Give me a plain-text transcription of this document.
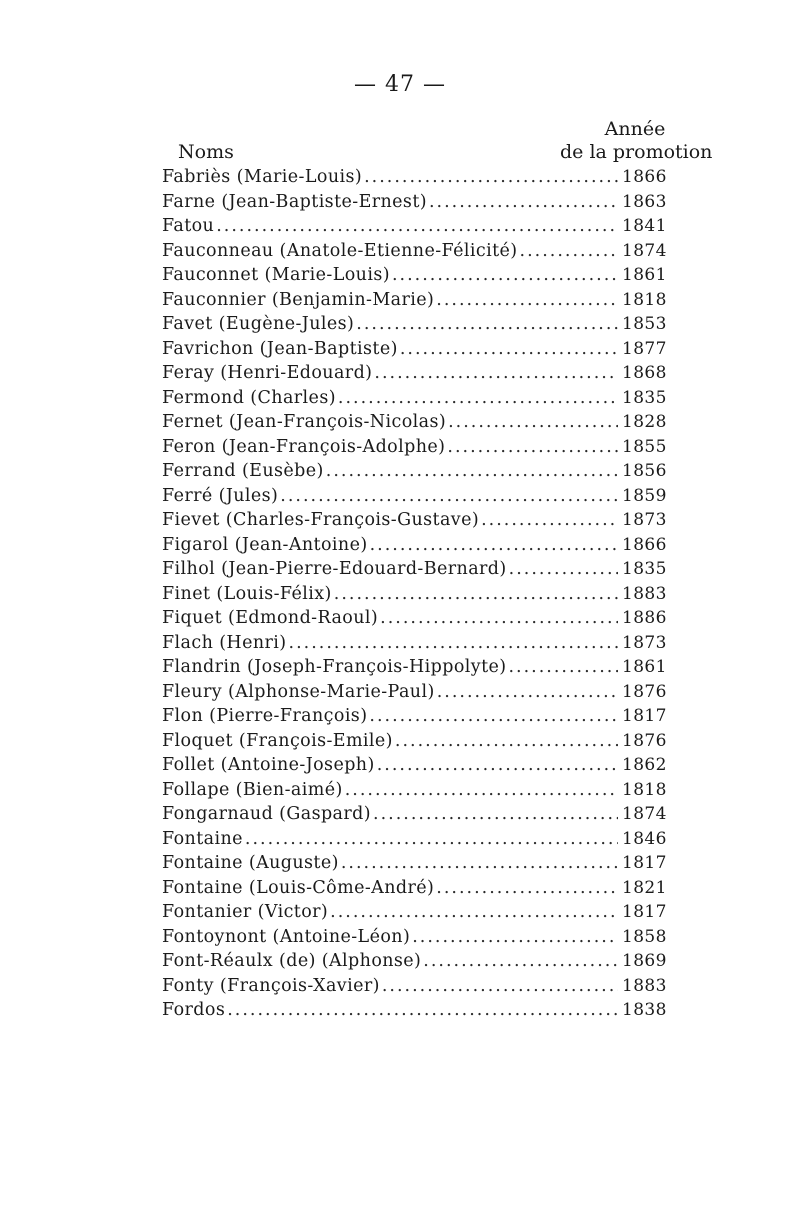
— 47 —
Année
Noms	de la promotion
Fabriès (Marie-Louis) .....	1866
Farne (Jean-Baptiste-Ernest) .....	1863
Fatou .....	1841
Fauconneau (Anatole-Etienne-Félicité) .....	1874
Fauconnet (Marie-Louis) .....	1861
Fauconnier (Benjamin-Marie) .....	1818
Favet (Eugène-Jules) .....	1853
Favrichon (Jean-Baptiste) .....	1877
Feray (Henri-Edouard) .....	1868
Fermond (Charles) .....	1835
Fernet (Jean-François-Nicolas) .....	1828
Feron (Jean-François-Adolphe) .....	1855
Ferrand (Eusèbe) .....	1856
Ferré (Jules) .....	1859
Fievet (Charles-François-Gustave) .....	1873
Figarol (Jean-Antoine) .....	1866
Filhol (Jean-Pierre-Edouard-Bernard) .....	1835
Finet (Louis-Félix) .....	1883
Fiquet (Edmond-Raoul) .....	1886
Flach (Henri) .....	1873
Flandrin (Joseph-François-Hippolyte) .....	1861
Fleury (Alphonse-Marie-Paul) .....	1876
Flon (Pierre-François) .....	1817
Floquet (François-Emile) .....	1876
Follet (Antoine-Joseph) .....	1862
Follape (Bien-aimé) .....	1818
Fongarnaud (Gaspard) .....	1874
Fontaine .....	1846
Fontaine (Auguste) .....	1817
Fontaine (Louis-Côme-André) .....	1821
Fontanier (Victor) .....	1817
Fontoynont (Antoine-Léon) .....	1858
Font-Réaulx (de) (Alphonse) .....	1869
Fonty (François-Xavier) .....	1883
Fordos .....	1838
